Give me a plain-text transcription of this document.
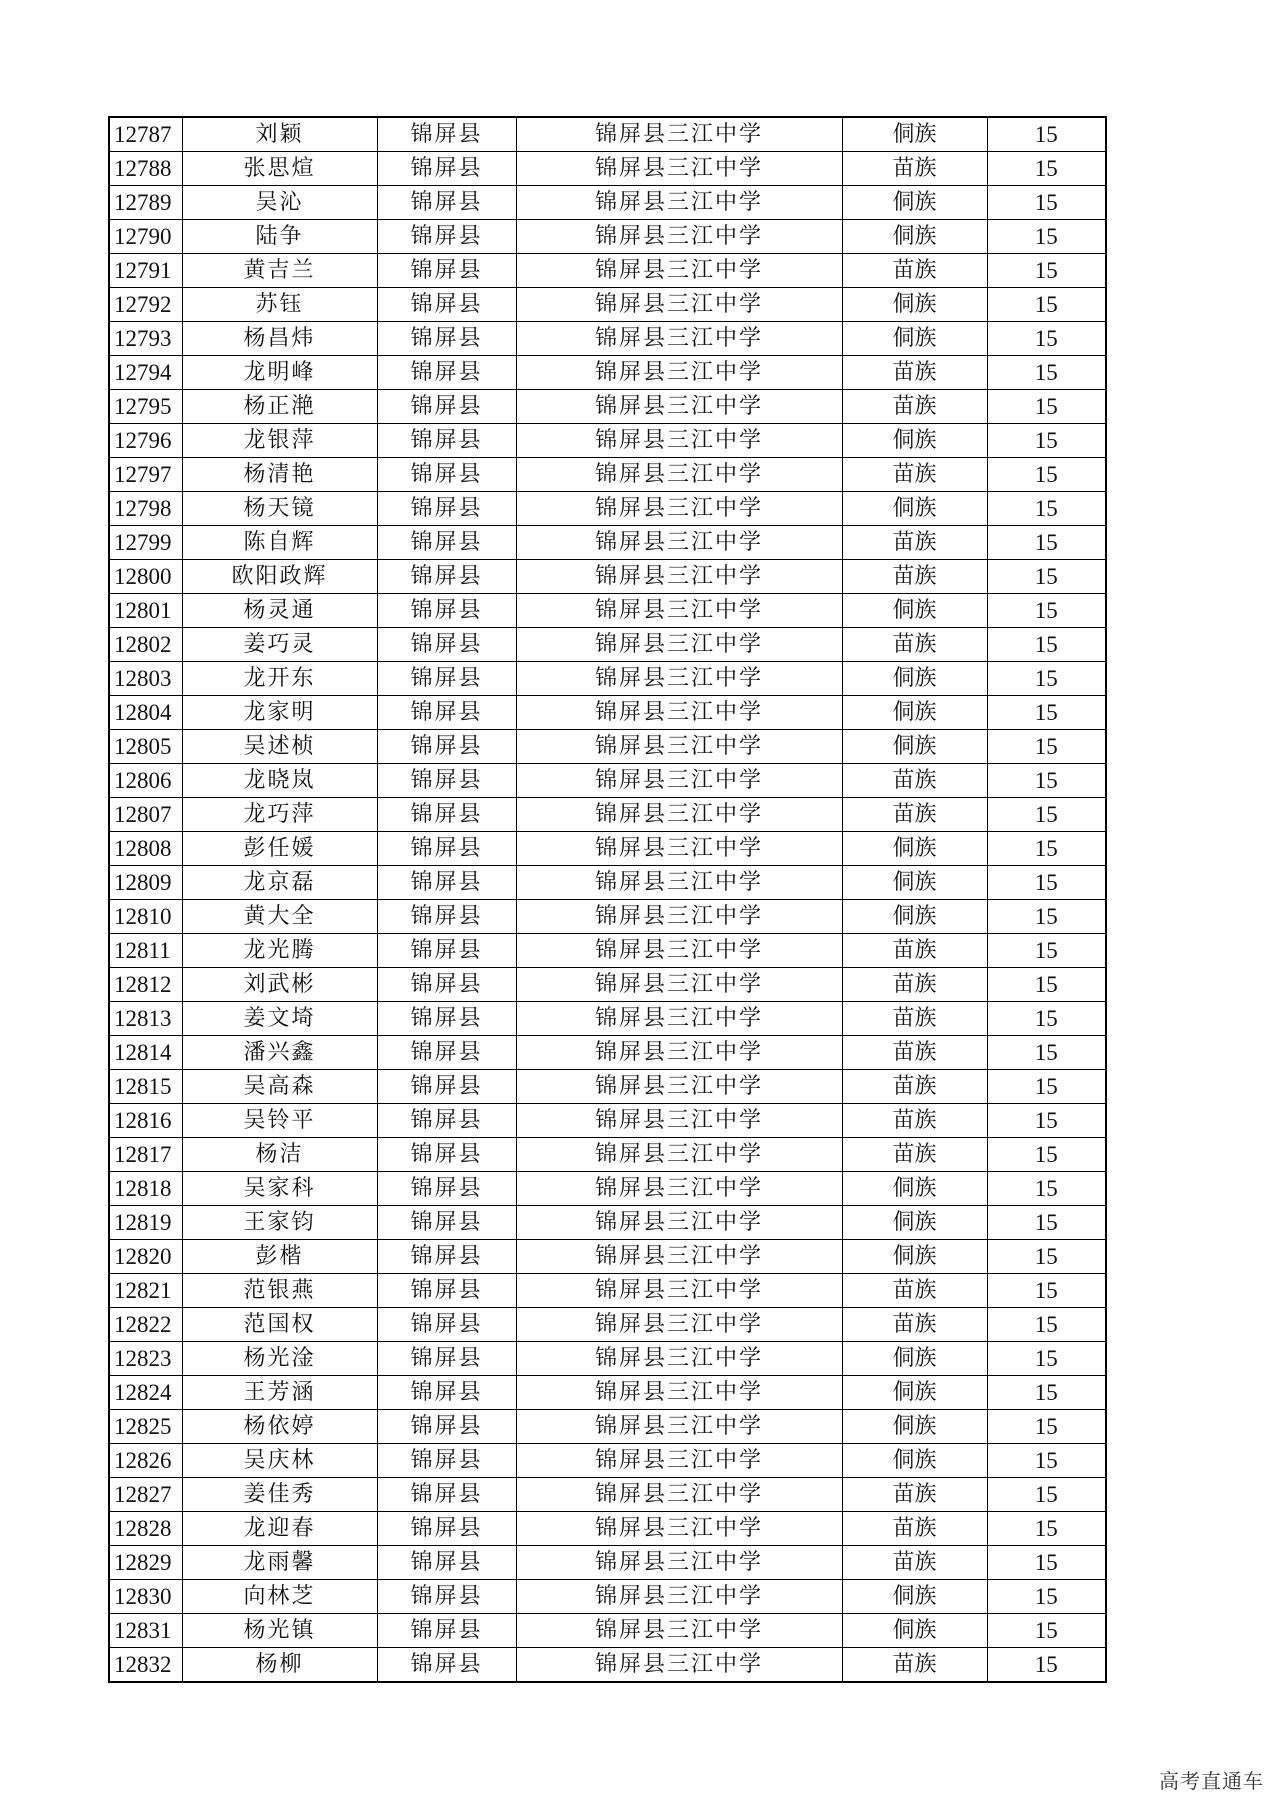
12787	刘颖	锦屏县	锦屏县三江中学	侗族	15
12788	张思煊	锦屏县	锦屏县三江中学	苗族	15
12789	吴沁	锦屏县	锦屏县三江中学	侗族	15
12790	陆争	锦屏县	锦屏县三江中学	侗族	15
12791	黄吉兰	锦屏县	锦屏县三江中学	苗族	15
12792	苏钰	锦屏县	锦屏县三江中学	侗族	15
12793	杨昌炜	锦屏县	锦屏县三江中学	侗族	15
12794	龙明峰	锦屏县	锦屏县三江中学	苗族	15
12795	杨正滟	锦屏县	锦屏县三江中学	苗族	15
12796	龙银萍	锦屏县	锦屏县三江中学	侗族	15
12797	杨清艳	锦屏县	锦屏县三江中学	苗族	15
12798	杨天镜	锦屏县	锦屏县三江中学	侗族	15
12799	陈自辉	锦屏县	锦屏县三江中学	苗族	15
12800	欧阳政辉	锦屏县	锦屏县三江中学	苗族	15
12801	杨灵通	锦屏县	锦屏县三江中学	侗族	15
12802	姜巧灵	锦屏县	锦屏县三江中学	苗族	15
12803	龙开东	锦屏县	锦屏县三江中学	侗族	15
12804	龙家明	锦屏县	锦屏县三江中学	侗族	15
12805	吴述桢	锦屏县	锦屏县三江中学	侗族	15
12806	龙晓岚	锦屏县	锦屏县三江中学	苗族	15
12807	龙巧萍	锦屏县	锦屏县三江中学	苗族	15
12808	彭任媛	锦屏县	锦屏县三江中学	侗族	15
12809	龙京磊	锦屏县	锦屏县三江中学	侗族	15
12810	黄大全	锦屏县	锦屏县三江中学	侗族	15
12811	龙光腾	锦屏县	锦屏县三江中学	苗族	15
12812	刘武彬	锦屏县	锦屏县三江中学	苗族	15
12813	姜文埼	锦屏县	锦屏县三江中学	苗族	15
12814	潘兴鑫	锦屏县	锦屏县三江中学	苗族	15
12815	吴高森	锦屏县	锦屏县三江中学	苗族	15
12816	吴铃平	锦屏县	锦屏县三江中学	苗族	15
12817	杨洁	锦屏县	锦屏县三江中学	苗族	15
12818	吴家科	锦屏县	锦屏县三江中学	侗族	15
12819	王家钧	锦屏县	锦屏县三江中学	侗族	15
12820	彭楷	锦屏县	锦屏县三江中学	侗族	15
12821	范银燕	锦屏县	锦屏县三江中学	苗族	15
12822	范国权	锦屏县	锦屏县三江中学	苗族	15
12823	杨光淦	锦屏县	锦屏县三江中学	侗族	15
12824	王芳涵	锦屏县	锦屏县三江中学	侗族	15
12825	杨依婷	锦屏县	锦屏县三江中学	侗族	15
12826	吴庆林	锦屏县	锦屏县三江中学	侗族	15
12827	姜佳秀	锦屏县	锦屏县三江中学	苗族	15
12828	龙迎春	锦屏县	锦屏县三江中学	苗族	15
12829	龙雨馨	锦屏县	锦屏县三江中学	苗族	15
12830	向林芝	锦屏县	锦屏县三江中学	侗族	15
12831	杨光镇	锦屏县	锦屏县三江中学	侗族	15
12832	杨柳	锦屏县	锦屏县三江中学	苗族	15
高考直通车
